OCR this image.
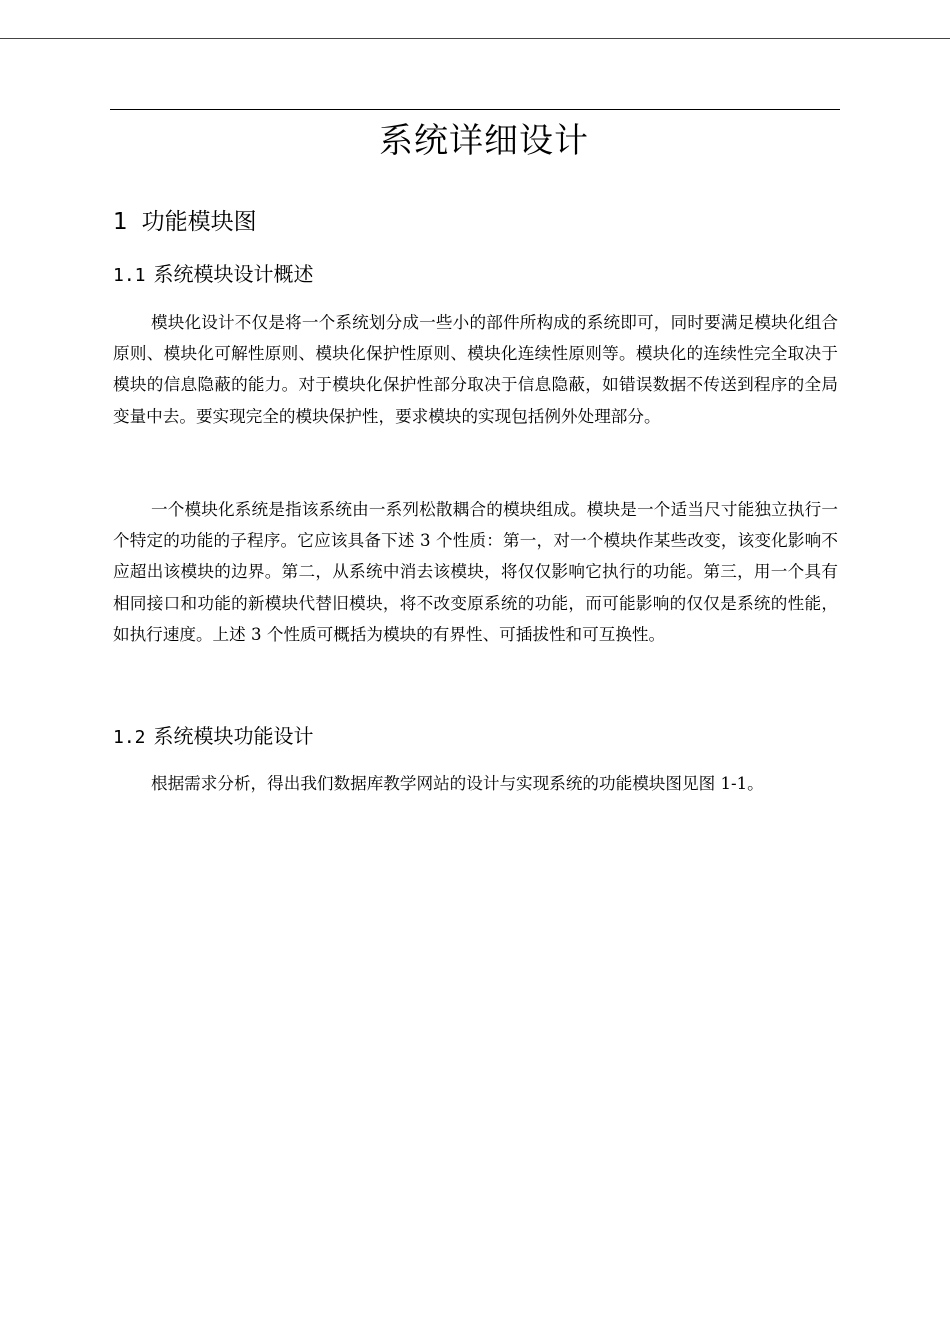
系统详细设计
1 功能模块图
1.1 系统模块设计概述

模块化设计不仅是将一个系统划分成一些小的部件所构成的系统即可，同时要满足模块化组合原则、模块化可解性原则、模块化保护性原则、模块化连续性原则等。模块化的连续性完全取决于模块的信息隐蔽的能力。对于模块化保护性部分取决于信息隐蔽，如错误数据不传送到程序的全局变量中去。要实现完全的模块保护性，要求模块的实现包括例外处理部分。

一个模块化系统是指该系统由一系列松散耦合的模块组成。模块是一个适当尺寸能独立执行一个特定的功能的子程序。它应该具备下述 3 个性质：第一，对一个模块作某些改变，该变化影响不应超出该模块的边界。第二，从系统中消去该模块，将仅仅影响它执行的功能。第三，用一个具有相同接口和功能的新模块代替旧模块，将不改变原系统的功能，而可能影响的仅仅是系统的性能，如执行速度。上述 3 个性质可概括为模块的有界性、可插拔性和可互换性。

1.2 系统模块功能设计

根据需求分析，得出我们数据库教学网站的设计与实现系统的功能模块图见图 1-1。
